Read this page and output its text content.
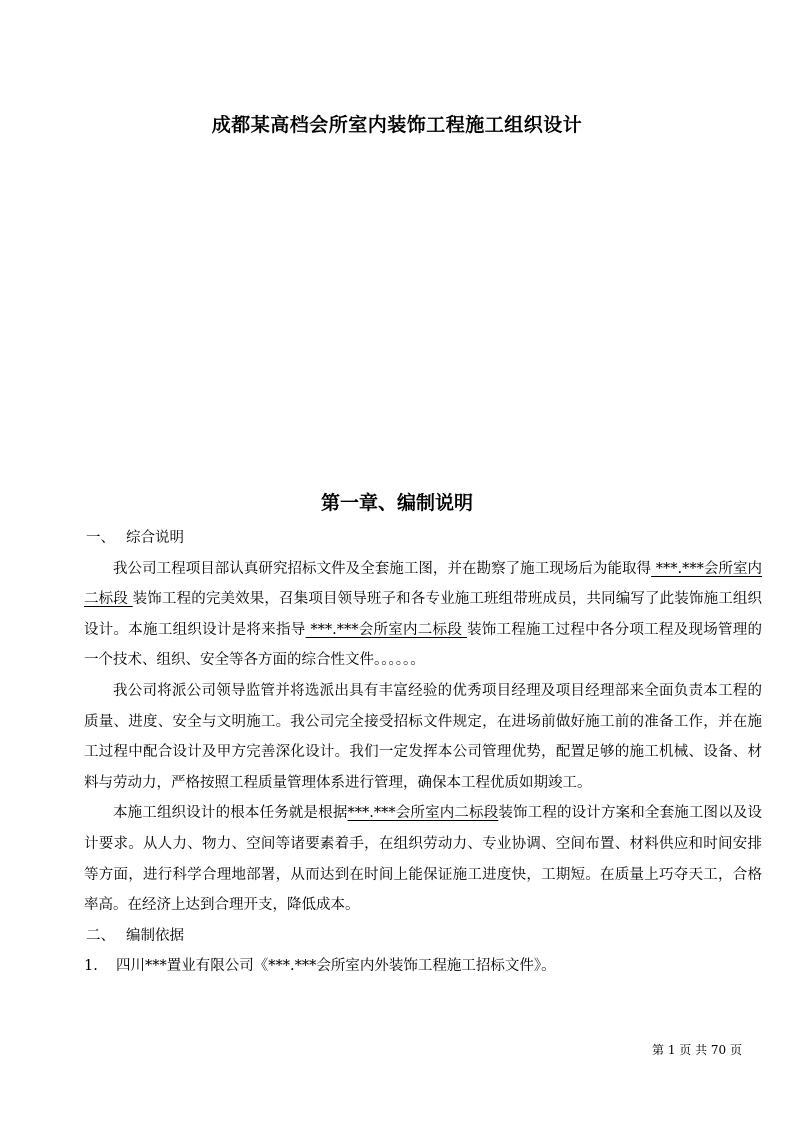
成都某高档会所室内装饰工程施工组织设计
第一章、编制说明

一、 综合说明

我公司工程项目部认真研究招标文件及全套施工图，并在勘察了施工现场后为能取得 ***.***会所室内二标段 装饰工程的完美效果，召集项目领导班子和各专业施工班组带班成员，共同编写了此装饰施工组织设计。本施工组织设计是将来指导 ***.***会所室内二标段 装饰工程施工过程中各分项工程及现场管理的一个技术、组织、安全等各方面的综合性文件。。。。。。

我公司将派公司领导监管并将选派出具有丰富经验的优秀项目经理及项目经理部来全面负责本工程的质量、进度、安全与文明施工。我公司完全接受招标文件规定，在进场前做好施工前的准备工作，并在施工过程中配合设计及甲方完善深化设计。我们一定发挥本公司管理优势，配置足够的施工机械、设备、材料与劳动力，严格按照工程质量管理体系进行管理，确保本工程优质如期竣工。

本施工组织设计的根本任务就是根据***.***会所室内二标段装饰工程的设计方案和全套施工图以及设计要求。从人力、物力、空间等诸要素着手，在组织劳动力、专业协调、空间布置、材料供应和时间安排等方面，进行科学合理地部署，从而达到在时间上能保证施工进度快，工期短。在质量上巧夺天工，合格率高。在经济上达到合理开支，降低成本。

二、 编制依据

1. 四川***置业有限公司《***.***会所室内外装饰工程施工招标文件》。

第 1 页 共 70 页
